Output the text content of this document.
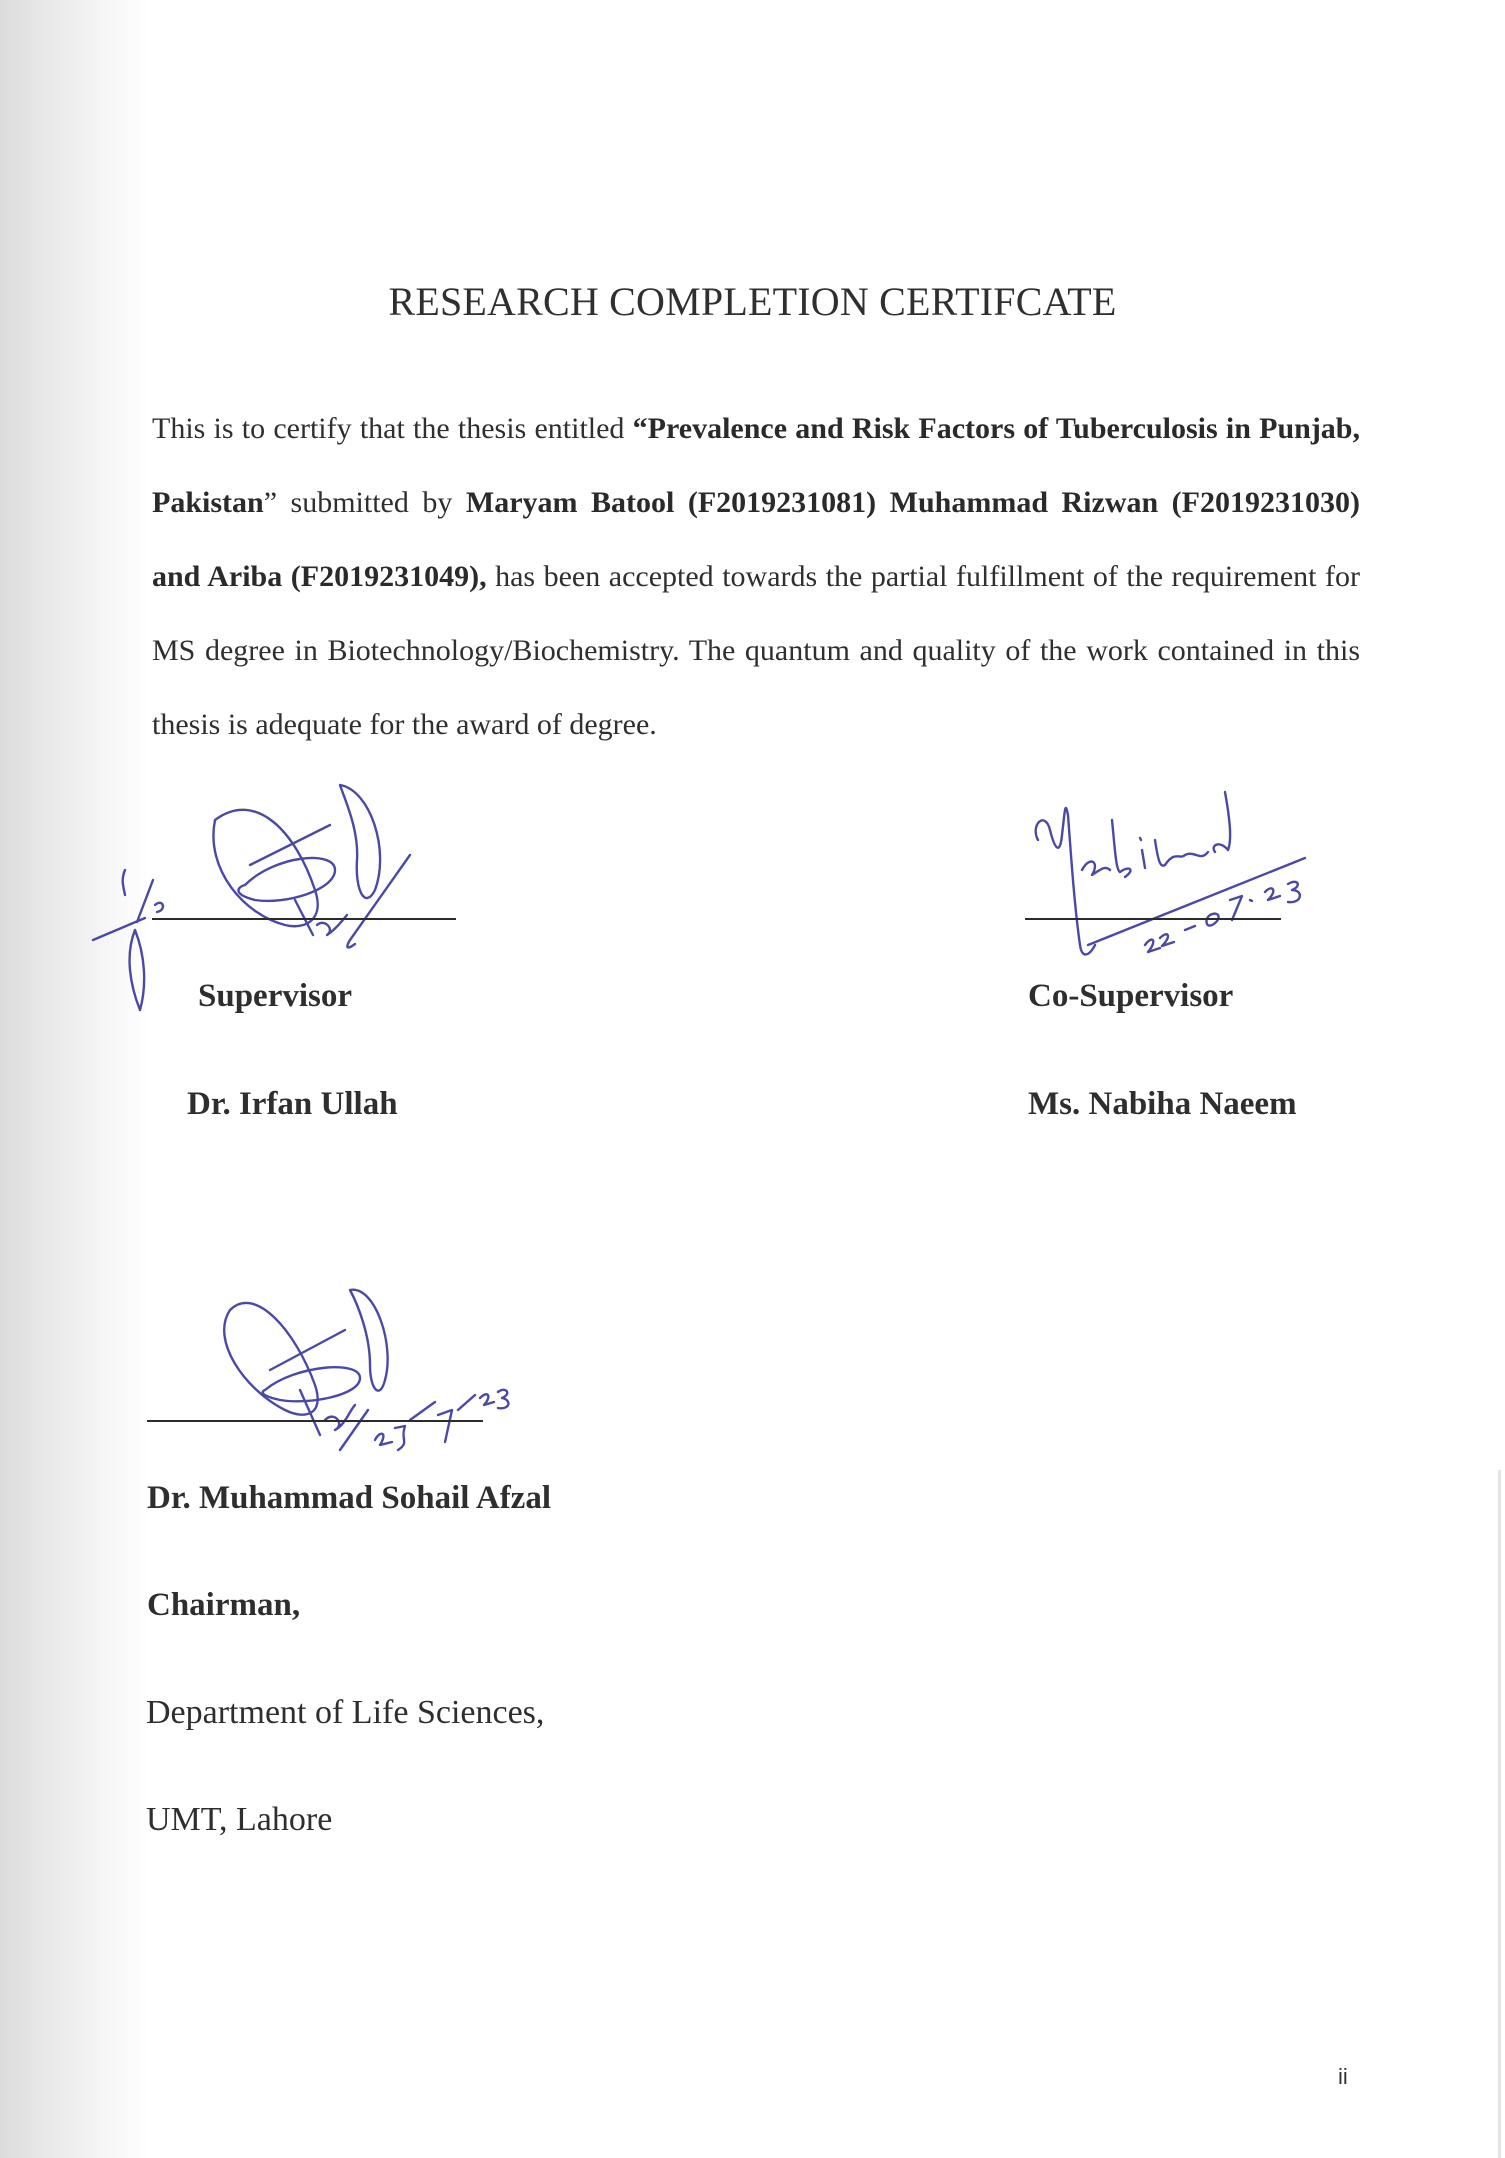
RESEARCH COMPLETION CERTIFCATE

This is to certify that the thesis entitled “Prevalence and Risk Factors of Tuberculosis in Punjab, Pakistan” submitted by Maryam Batool (F2019231081) Muhammad Rizwan (F2019231030) and Ariba (F2019231049), has been accepted towards the partial fulfillment of the requirement for MS degree in Biotechnology/Biochemistry. The quantum and quality of the work contained in this thesis is adequate for the award of degree.

Supervisor
Dr. Irfan Ullah
Co-Supervisor
Ms. Nabiha Naeem
Dr. Muhammad Sohail Afzal
Chairman,
Department of Life Sciences,
UMT, Lahore
ii
